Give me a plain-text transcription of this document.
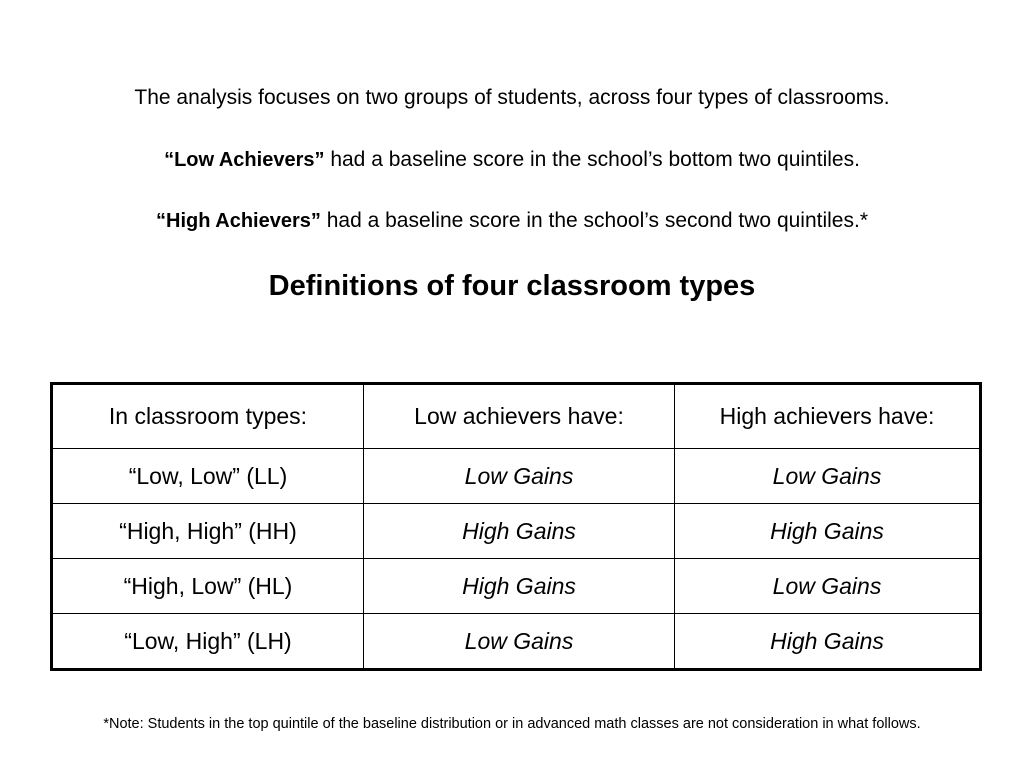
The analysis focuses on two groups of students, across four types of classrooms.
“Low Achievers” had a baseline score in the school’s bottom two quintiles.
“High Achievers” had a baseline score in the school’s second two quintiles.*
Definitions of four classroom types
In classroom types:	Low achievers have:	High achievers have:
“Low, Low” (LL)	Low Gains	Low Gains
“High, High” (HH)	High Gains	High Gains
“High, Low” (HL)	High Gains	Low Gains
“Low, High” (LH)	Low Gains	High Gains
*Note: Students in the top quintile of the baseline distribution or in advanced math classes are not consideration in what follows.
